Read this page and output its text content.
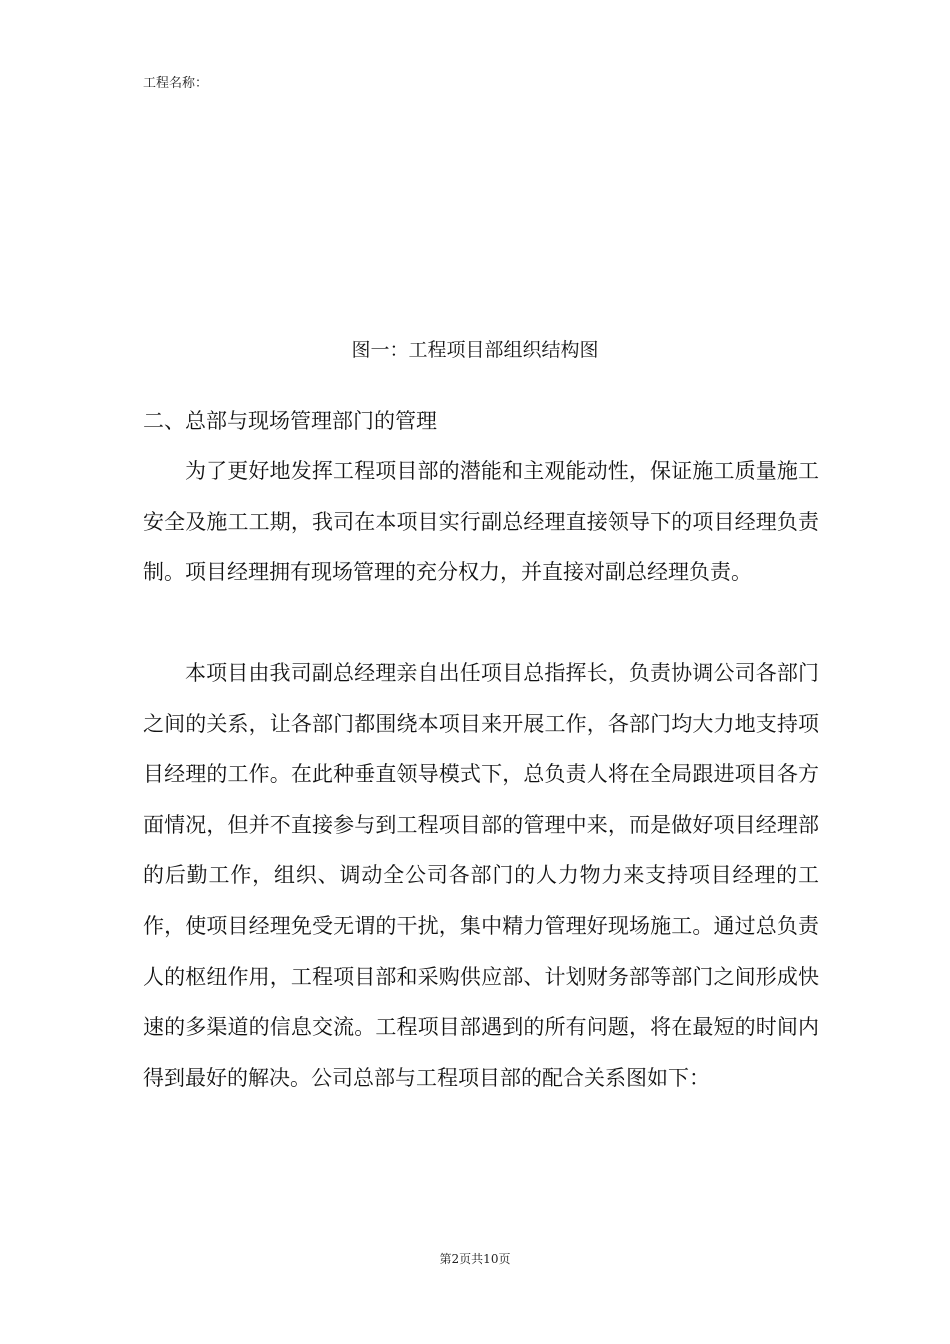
工程名称：
图一：工程项目部组织结构图
二、总部与现场管理部门的管理

为了更好地发挥工程项目部的潜能和主观能动性，保证施工质量施工安全及施工工期，我司在本项目实行副总经理直接领导下的项目经理负责制。项目经理拥有现场管理的充分权力，并直接对副总经理负责。

本项目由我司副总经理亲自出任项目总指挥长，负责协调公司各部门之间的关系，让各部门都围绕本项目来开展工作，各部门均大力地支持项目经理的工作。在此种垂直领导模式下，总负责人将在全局跟进项目各方面情况，但并不直接参与到工程项目部的管理中来，而是做好项目经理部的后勤工作，组织、调动全公司各部门的人力物力来支持项目经理的工作，使项目经理免受无谓的干扰，集中精力管理好现场施工。通过总负责人的枢纽作用，工程项目部和采购供应部、计划财务部等部门之间形成快速的多渠道的信息交流。工程项目部遇到的所有问题，将在最短的时间内得到最好的解决。公司总部与工程项目部的配合关系图如下：

第2页共10页
